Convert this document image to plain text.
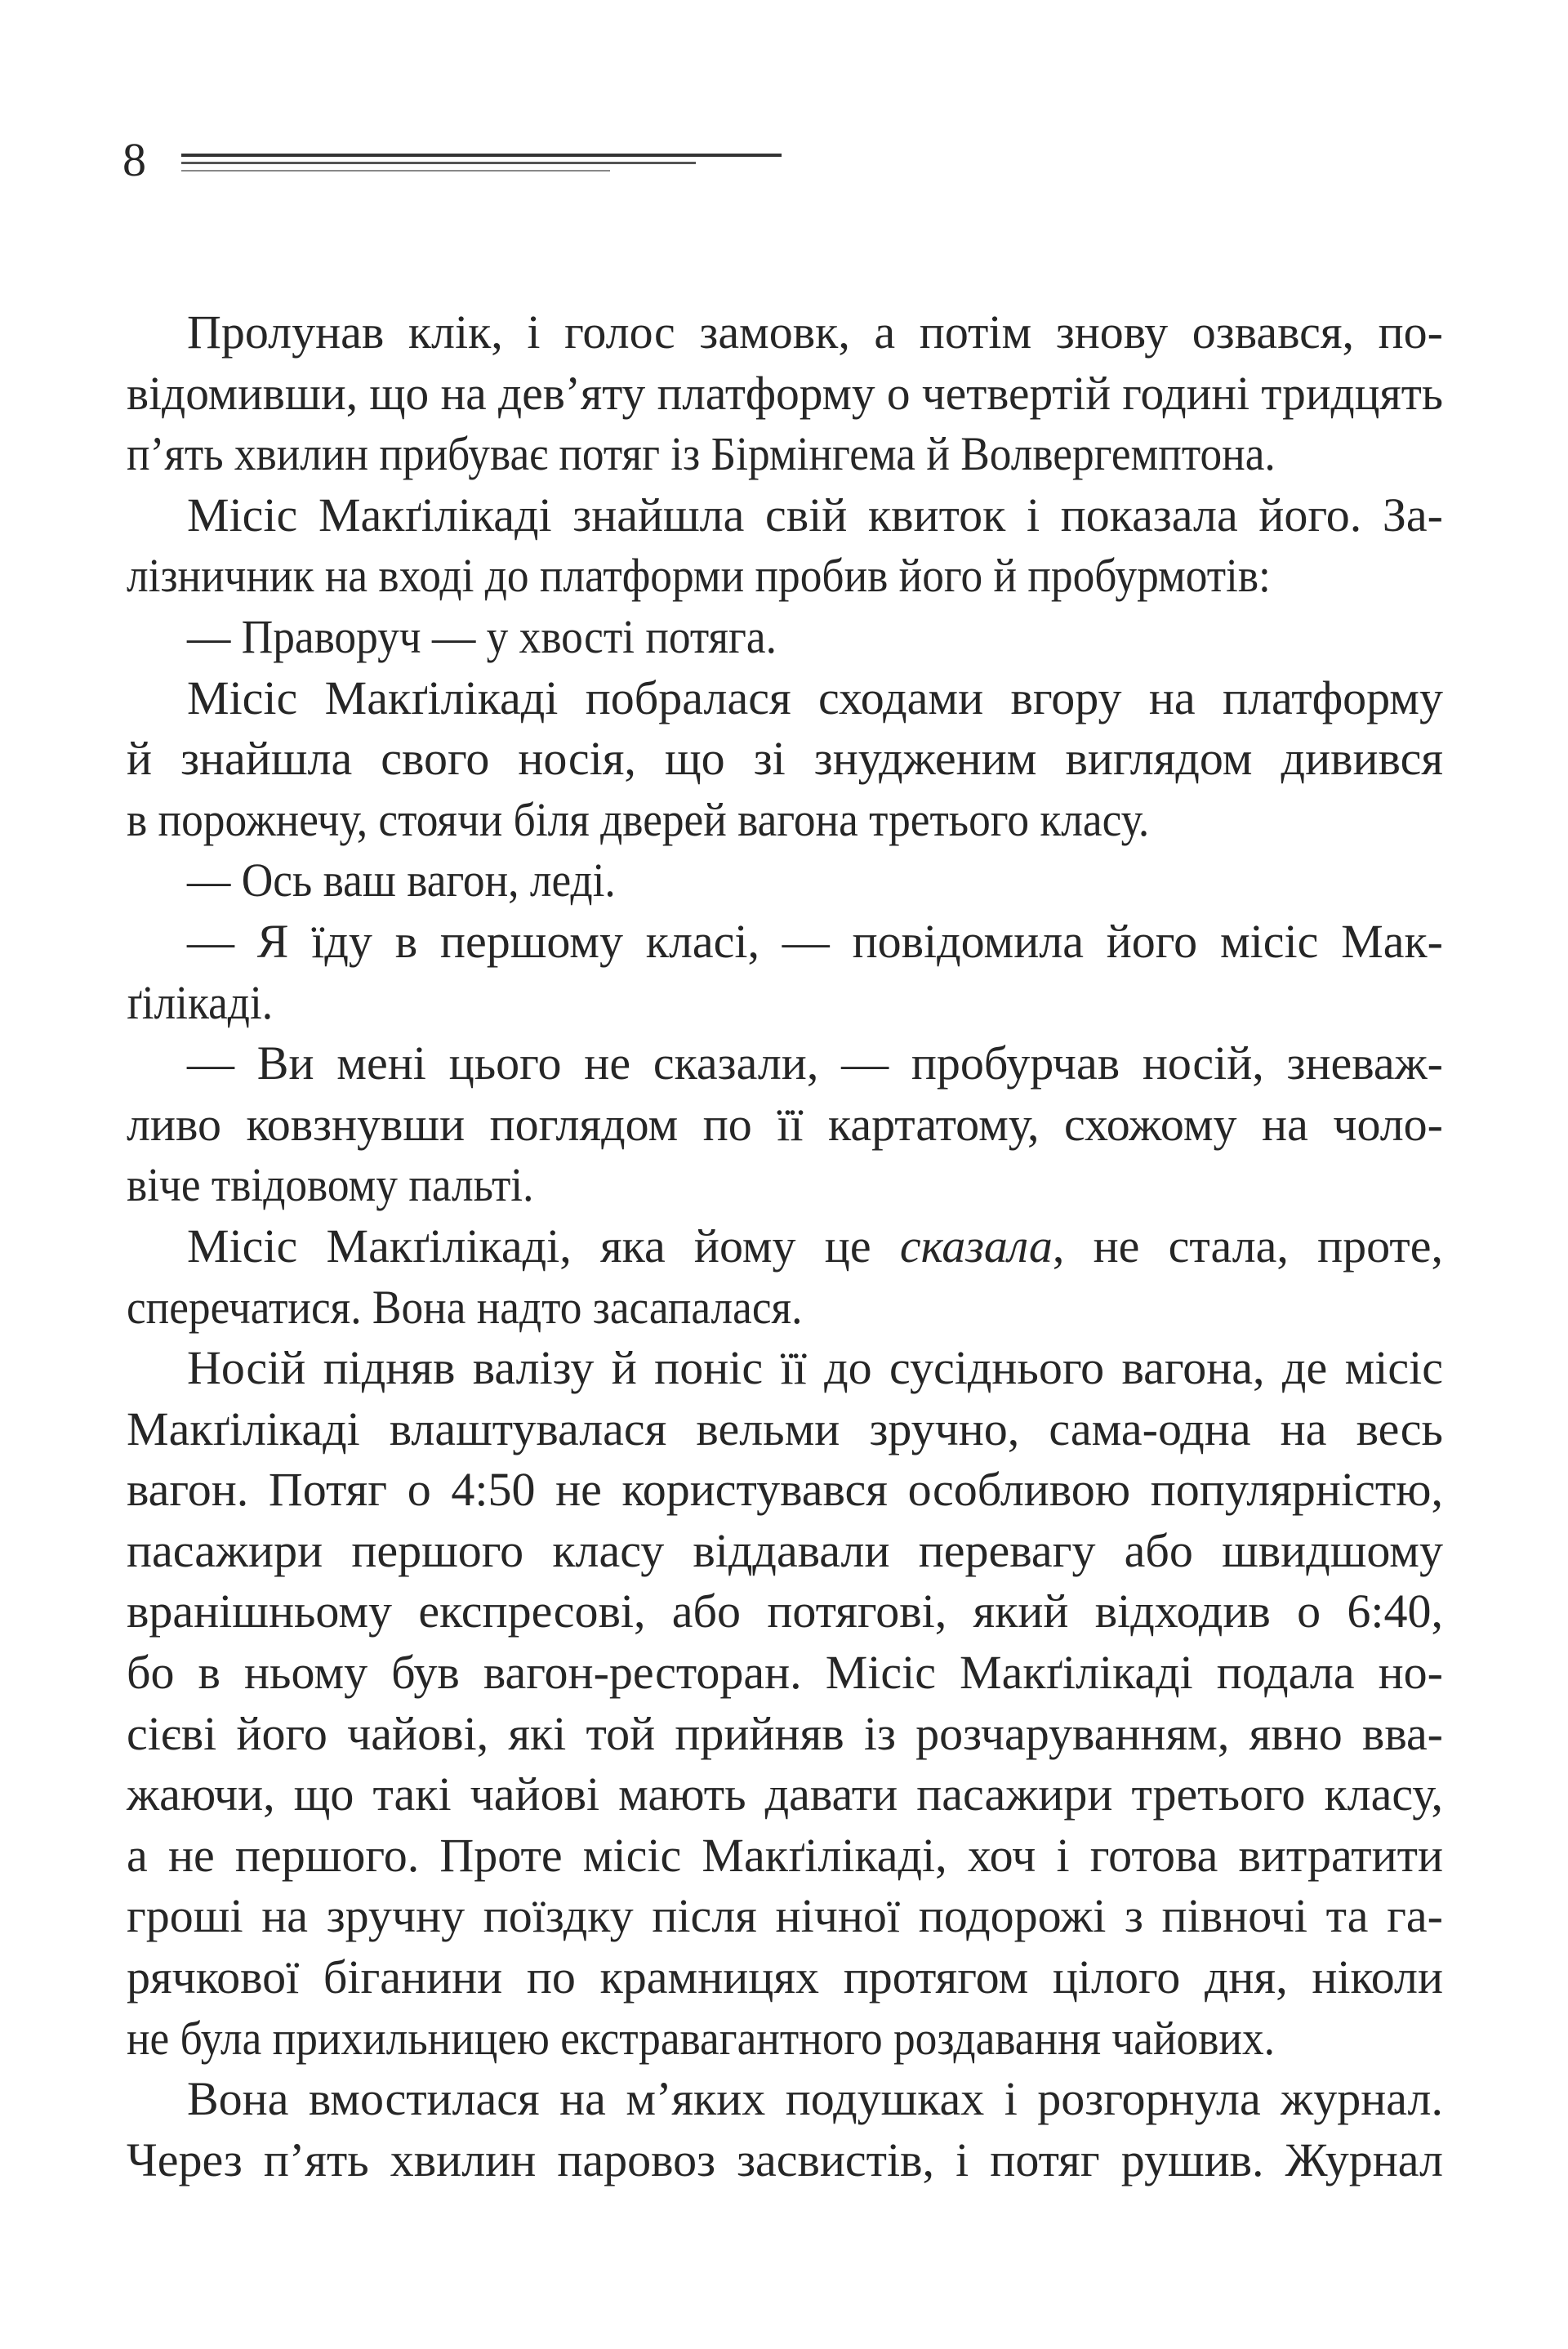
8
Пролунав клік, і голос замовк, а потім знову озвався, по-
відомивши, що на дев’яту платформу о четвертій годині тридцять
п’ять хвилин прибуває потяг із Бірмінгема й Волвергемптона.
Місіс Макґілікаді знайшла свій квиток і показала його. За-
лізничник на вході до платформи пробив його й пробурмотів:
— Праворуч — у хвості потяга.
Місіс Макґілікаді побралася сходами вгору на платформу
й знайшла свого носія, що зі знудженим виглядом дивився
в порожнечу, стоячи біля дверей вагона третього класу.
— Ось ваш вагон, леді.
— Я їду в першому класі, — повідомила його місіс Мак-
ґілікаді.
— Ви мені цього не сказали, — пробурчав носій, зневаж-
ливо ковзнувши поглядом по її картатому, схожому на чоло-
віче твідовому пальті.
Місіс Макґілікаді, яка йому це сказала, не стала, проте,
сперечатися. Вона надто засапалася.
Носій підняв валізу й поніс її до сусіднього вагона, де місіс
Макґілікаді влаштувалася вельми зручно, сама-одна на весь
вагон. Потяг о 4:50 не користувався особливою популярністю,
пасажири першого класу віддавали перевагу або швидшому
вранішньому експресові, або потягові, який відходив о 6:40,
бо в ньому був вагон-ресторан. Місіс Макґілікаді подала но-
сієві його чайові, які той прийняв із розчаруванням, явно вва-
жаючи, що такі чайові мають давати пасажири третього класу,
а не першого. Проте місіс Макґілікаді, хоч і готова витратити
гроші на зручну поїздку після нічної подорожі з півночі та га-
рячкової біганини по крамницях протягом цілого дня, ніколи
не була прихильницею екстравагантного роздавання чайових.
Вона вмостилася на м’яких подушках і розгорнула журнал.
Через п’ять хвилин паровоз засвистів, і потяг рушив. Журнал
